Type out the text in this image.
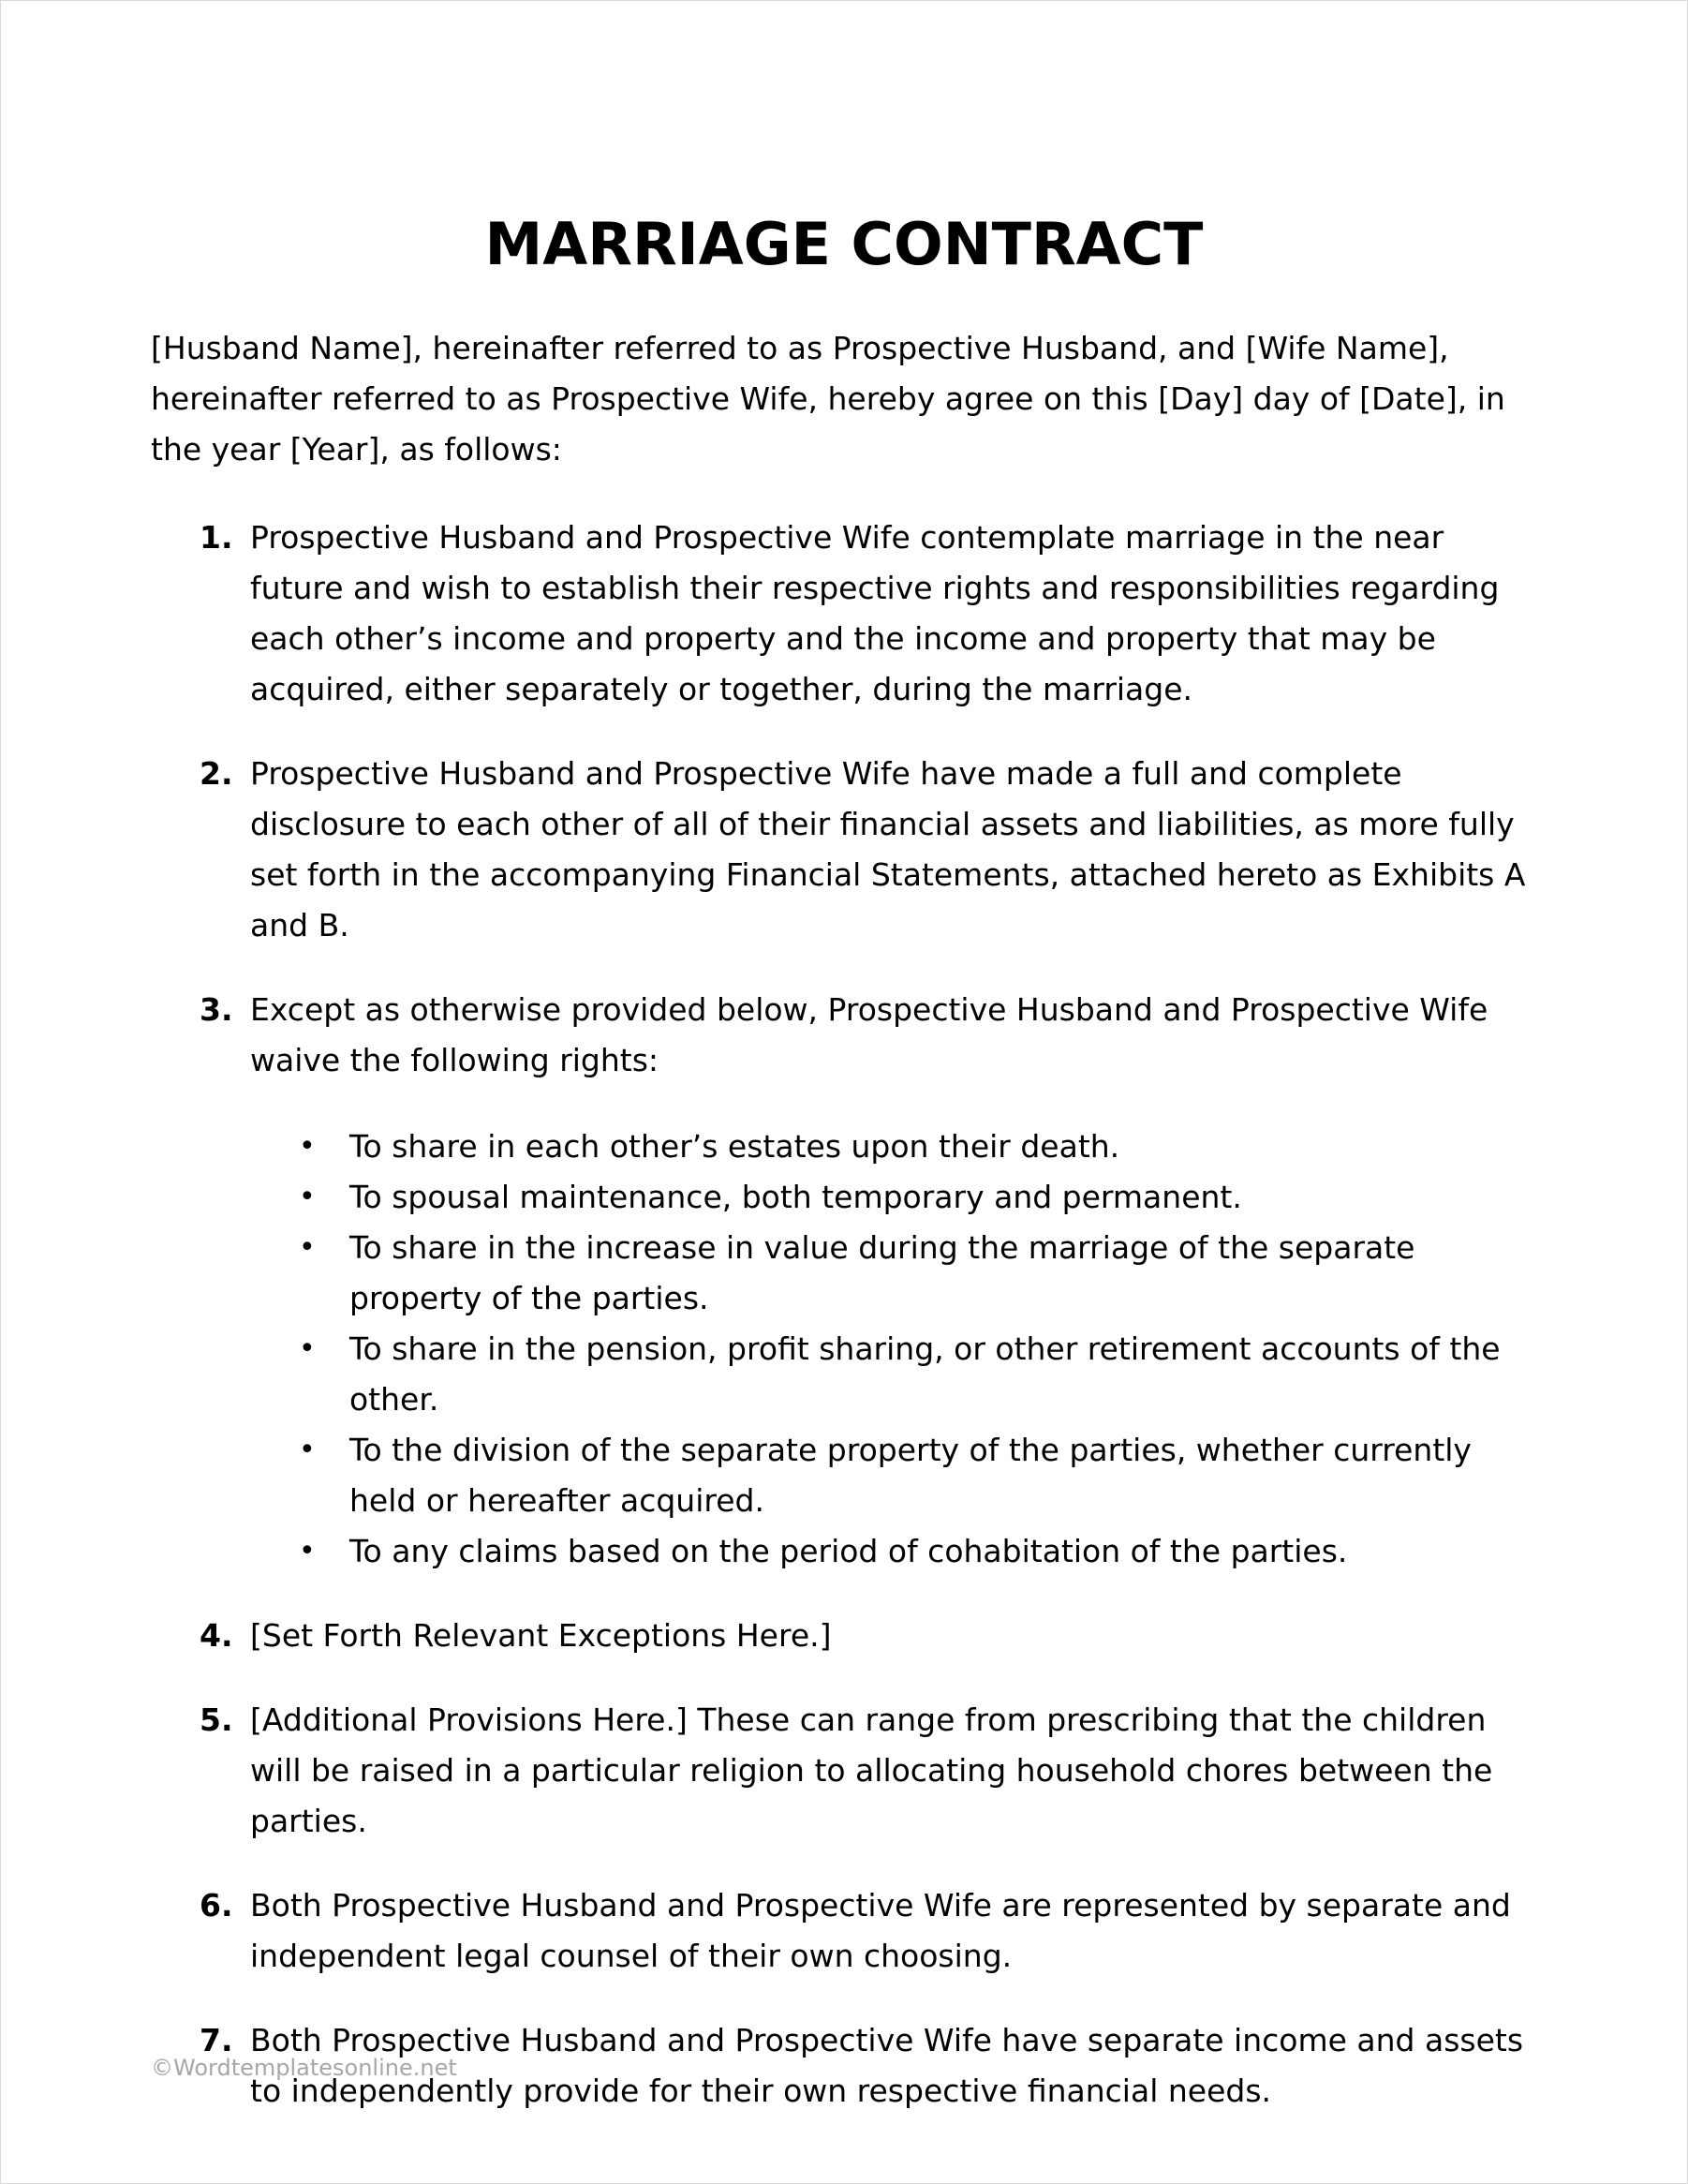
MARRIAGE CONTRACT

[Husband Name], hereinafter referred to as Prospective Husband, and [Wife Name], hereinafter referred to as Prospective Wife, hereby agree on this [Day] day of [Date], in the year [Year], as follows:

1. Prospective Husband and Prospective Wife contemplate marriage in the near future and wish to establish their respective rights and responsibilities regarding each other’s income and property and the income and property that may be acquired, either separately or together, during the marriage.
2. Prospective Husband and Prospective Wife have made a full and complete disclosure to each other of all of their financial assets and liabilities, as more fully set forth in the accompanying Financial Statements, attached hereto as Exhibits A and B.
3. Except as otherwise provided below, Prospective Husband and Prospective Wife waive the following rights:
• To share in each other’s estates upon their death.
• To spousal maintenance, both temporary and permanent.
• To share in the increase in value during the marriage of the separate property of the parties.
• To share in the pension, profit sharing, or other retirement accounts of the other.
• To the division of the separate property of the parties, whether currently held or hereafter acquired.
• To any claims based on the period of cohabitation of the parties.
4. [Set Forth Relevant Exceptions Here.]
5. [Additional Provisions Here.] These can range from prescribing that the children will be raised in a particular religion to allocating household chores between the parties.
6. Both Prospective Husband and Prospective Wife are represented by separate and independent legal counsel of their own choosing.
7. Both Prospective Husband and Prospective Wife have separate income and assets to independently provide for their own respective financial needs.
©Wordtemplatesonline.net
